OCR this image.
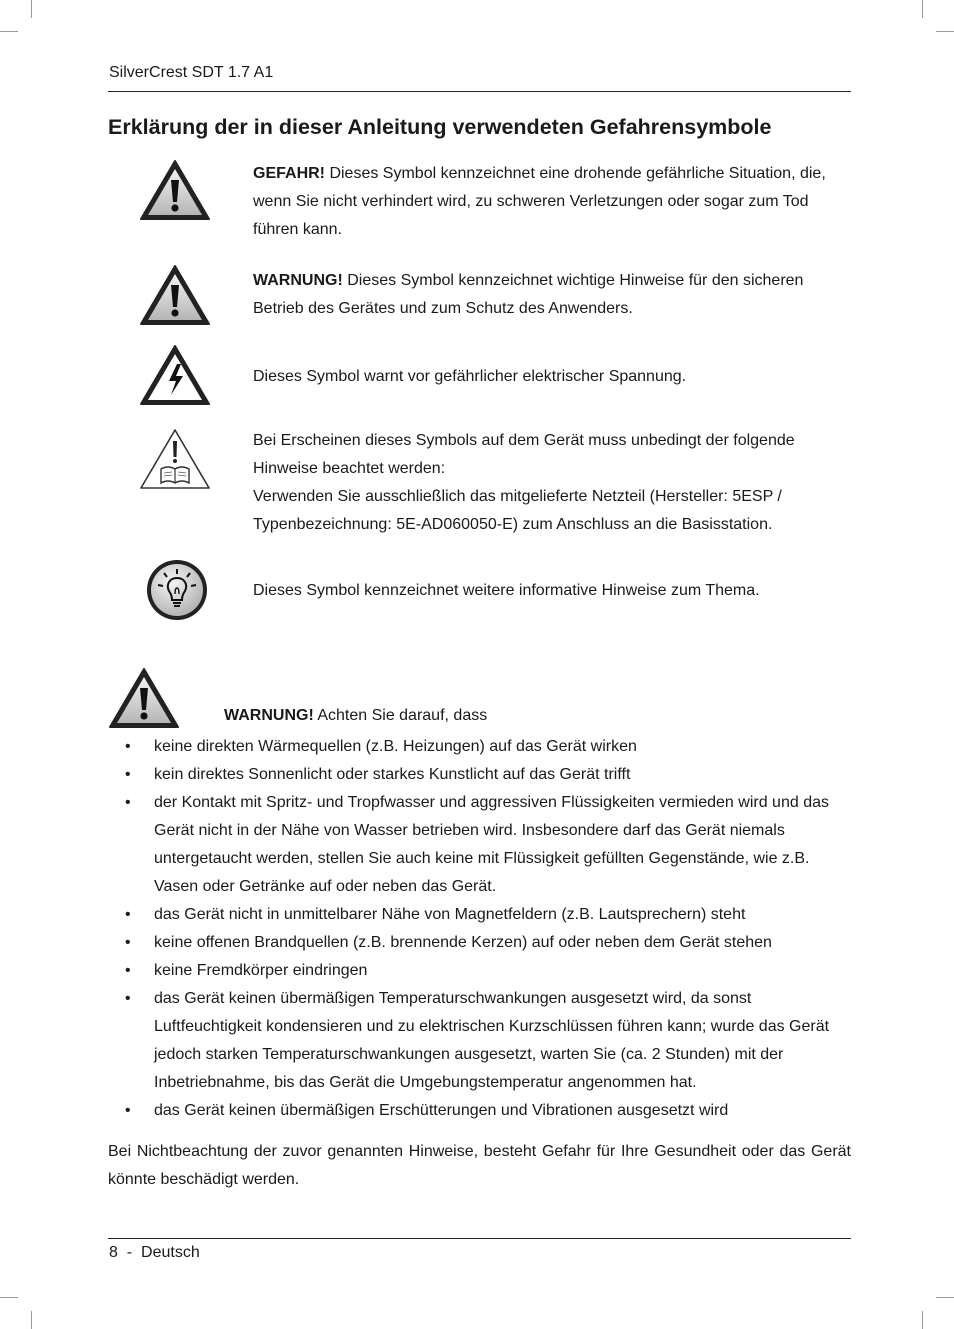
SilverCrest SDT 1.7 A1
Erklärung der in dieser Anleitung verwendeten Gefahrensymbole

GEFAHR! Dieses Symbol kennzeichnet eine drohende gefährliche Situation, die, wenn Sie nicht verhindert wird, zu schweren Verletzungen oder sogar zum Tod führen kann.

WARNUNG! Dieses Symbol kennzeichnet wichtige Hinweise für den sicheren Betrieb des Gerätes und zum Schutz des Anwenders.

Dieses Symbol warnt vor gefährlicher elektrischer Spannung.

Bei Erscheinen dieses Symbols auf dem Gerät muss unbedingt der folgende Hinweise beachtet werden:

Verwenden Sie ausschließlich das mitgelieferte Netzteil (Hersteller: 5ESP / Typenbezeichnung: 5E-AD060050-E) zum Anschluss an die Basisstation.

Dieses Symbol kennzeichnet weitere informative Hinweise zum Thema.

WARNUNG! Achten Sie darauf, dass
• keine direkten Wärmequellen (z.B. Heizungen) auf das Gerät wirken
• kein direktes Sonnenlicht oder starkes Kunstlicht auf das Gerät trifft
• der Kontakt mit Spritz- und Tropfwasser und aggressiven Flüssigkeiten vermieden wird und das Gerät nicht in der Nähe von Wasser betrieben wird. Insbesondere darf das Gerät niemals untergetaucht werden, stellen Sie auch keine mit Flüssigkeit gefüllten Gegenstände, wie z.B. Vasen oder Getränke auf oder neben das Gerät.
• das Gerät nicht in unmittelbarer Nähe von Magnetfeldern (z.B. Lautsprechern) steht
• keine offenen Brandquellen (z.B. brennende Kerzen) auf oder neben dem Gerät stehen
• keine Fremdkörper eindringen
• das Gerät keinen übermäßigen Temperaturschwankungen ausgesetzt wird, da sonst Luftfeuchtigkeit kondensieren und zu elektrischen Kurzschlüssen führen kann; wurde das Gerät jedoch starken Temperaturschwankungen ausgesetzt, warten Sie (ca. 2 Stunden) mit der Inbetriebnahme, bis das Gerät die Umgebungstemperatur angenommen hat.
• das Gerät keinen übermäßigen Erschütterungen und Vibrationen ausgesetzt wird

Bei Nichtbeachtung der zuvor genannten Hinweise, besteht Gefahr für Ihre Gesundheit oder das Gerät könnte beschädigt werden.

8 - Deutsch
